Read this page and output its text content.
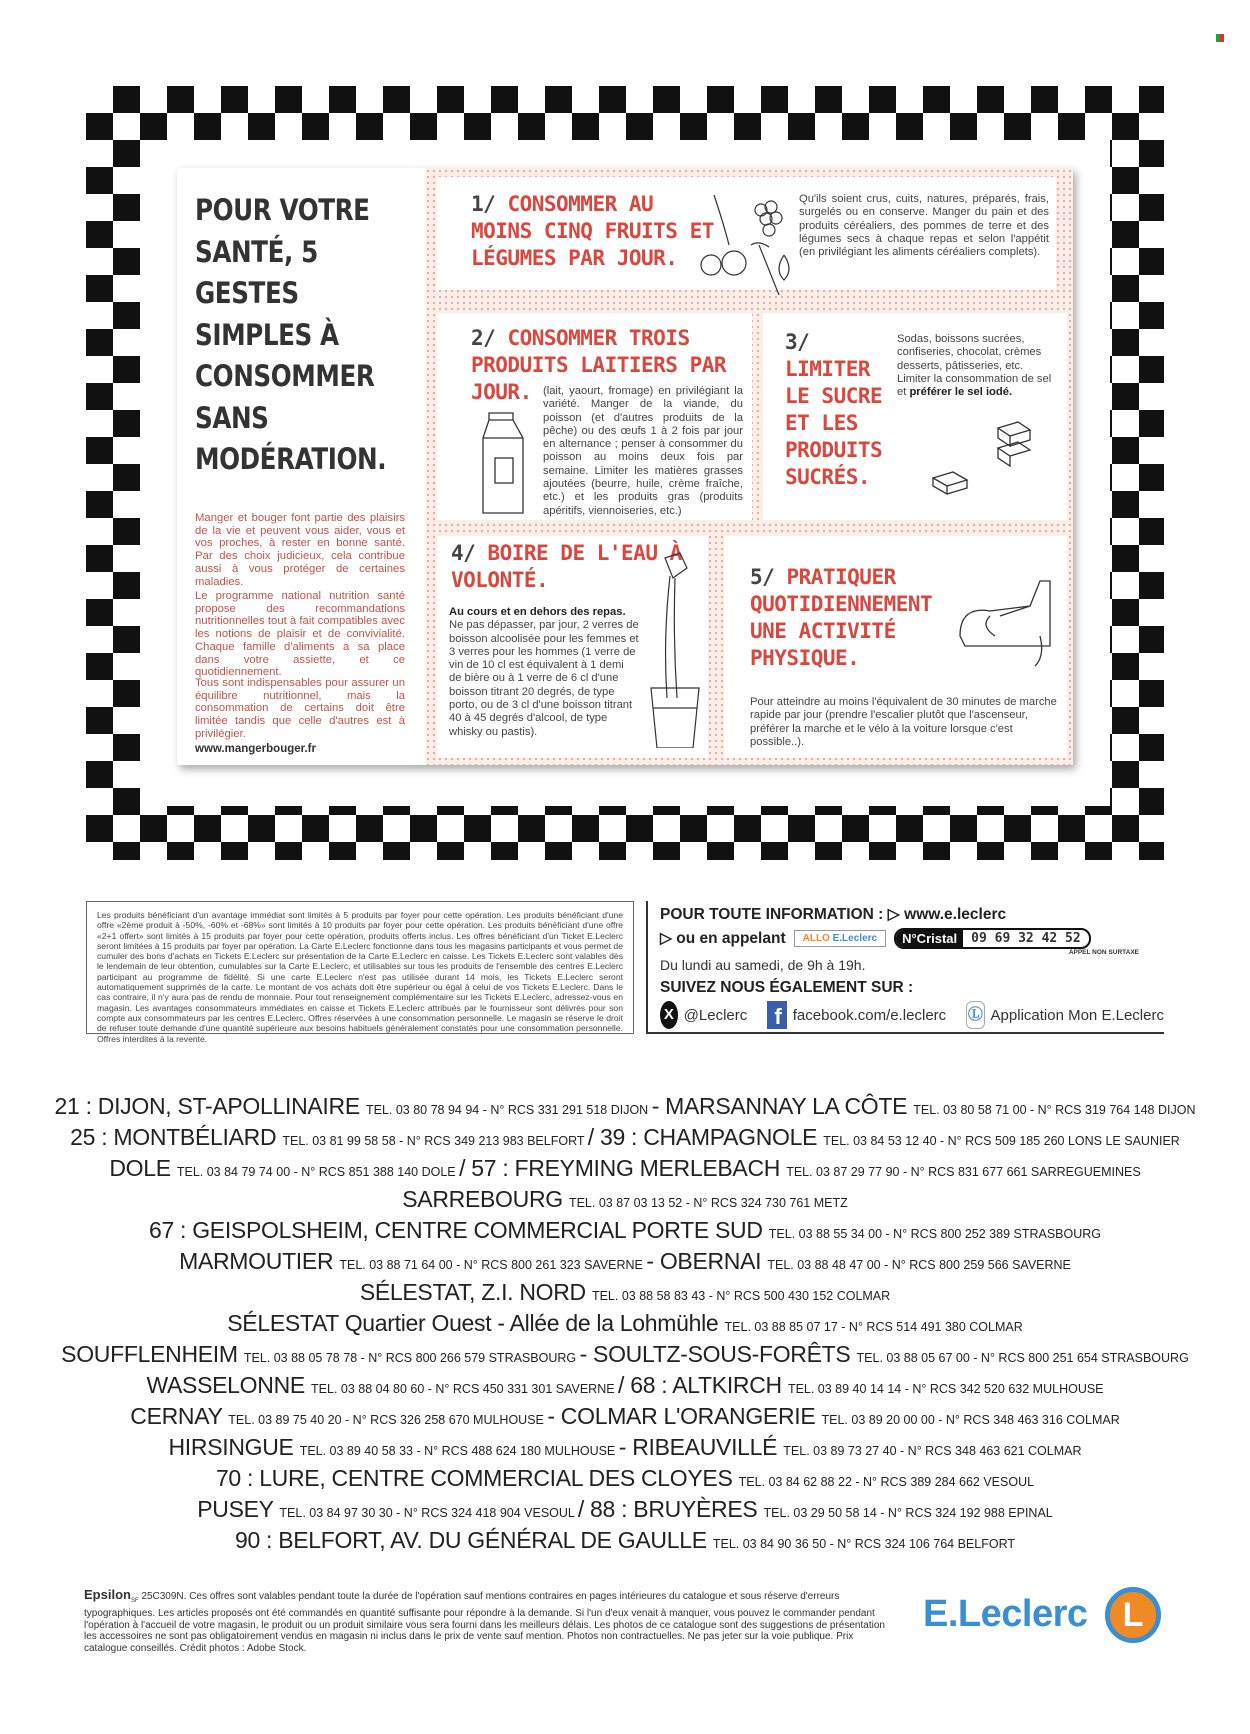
POUR VOTRE SANTÉ, 5 GESTES SIMPLES À CONSOMMER SANS MODÉRATION.
Manger et bouger font partie des plaisirs de la vie et peuvent vous aider, vous et vos proches, à rester en bonne santé. Par des choix judicieux, cela contribue aussi à vous protéger de certaines maladies.
Le programme national nutrition santé propose des recommandations nutritionnelles tout à fait compatibles avec les notions de plaisir et de convivialité. Chaque famille d'aliments a sa place dans votre assiette, et ce quotidiennement.
Tous sont indispensables pour assurer un équilibre nutritionnel, mais la consommation de certains doit être limitée tandis que celle d'autres est à privilégier.
www.mangerbouger.fr
1/ CONSOMMER AU MOINS CINQ FRUITS ET LÉGUMES PAR JOUR.
Qu'ils soient crus, cuits, natures, préparés, frais, surgelés ou en conserve. Manger du pain et des produits céréaliers, des pommes de terre et des légumes secs à chaque repas et selon l'appétit (en privilégiant les aliments céréaliers complets).
2/ CONSOMMER TROIS PRODUITS LAITIERS PAR
JOUR. (lait, yaourt, fromage) en privilégiant la variété. Manger de la viande, du poisson (et d'autres produits de la pêche) ou des œufs 1 à 2 fois par jour en alternance ; penser à consommer du poisson au moins deux fois par semaine. Limiter les matières grasses ajoutées (beurre, huile, crème fraîche, etc.) et les produits gras (produits apéritifs, viennoiseries, etc.)
3/
LIMITER LE SUCRE ET LES PRODUITS SUCRÉS.
Sodas, boissons sucrées, confiseries, chocolat, crèmes desserts, pâtisseries, etc. Limiter la consommation de sel et préférer le sel iodé.
4/ BOIRE DE L'EAU À VOLONTÉ.
Au cours et en dehors des repas.
Ne pas dépasser, par jour, 2 verres de boisson alcoolisée pour les femmes et 3 verres pour les hommes (1 verre de vin de 10 cl est équivalent à 1 demi de bière ou à 1 verre de 6 cl d'une boisson titrant 20 degrés, de type porto, ou de 3 cl d'une boisson titrant 40 à 45 degrés d'alcool, de type whisky ou pastis).
5/ PRATIQUER QUOTIDIENNEMENT UNE ACTIVITÉ PHYSIQUE.
Pour atteindre au moins l'équivalent de 30 minutes de marche rapide par jour (prendre l'escalier plutôt que l'ascenseur, préférer la marche et le vélo à la voiture lorsque c'est possible..).
Les produits bénéficiant d'un avantage immédiat sont limités à 5 produits par foyer pour cette opération. Les produits bénéficiant d'une offre «2ème produit à -50%, -60% et -68%» sont limités à 10 produits par foyer pour cette opération. Les produits bénéficiant d'une offre «2+1 offert» sont limités à 15 produits par foyer pour cette opération, produits offerts inclus. Les offres bénéficiant d'un Ticket E.Leclerc seront limitées à 15 produits par foyer par opération. La Carte E.Leclerc fonctionne dans tous les magasins participants et vous permet de cumuler des bons d'achats en Tickets E.Leclerc sur présentation de la Carte E.Leclerc en caisse. Les Tickets E.Leclerc sont valables dès le lendemain de leur obtention, cumulables sur la Carte E.Leclerc, et utilisables sur tous les produits de l'ensemble des centres E.Leclerc participant au programme de fidélité. Si une carte E.Leclerc n'est pas utilisée durant 14 mois, les Tickets E.Leclerc seront automatiquement supprimés de la carte. Le montant de vos achats doit être supérieur ou égal à celui de vos Tickets E.Leclerc. Dans le cas contraire, il n'y aura pas de rendu de monnaie. Pour tout renseignement complémentaire sur les Tickets E.Leclerc, adressez-vous en magasin. Les avantages consommateurs immédiates en caisse et Tickets E.Leclerc attribués par le fournisseur sont délivrés pour son compte aux consommateurs par les centres E.Leclerc. Offres réservées à une consommation personnelle. Le magasin se réserve le droit de refuser toute demande d'une quantité supérieure aux besoins habituels généralement constatés pour une consommation personnelle. Offres interdites à la revente.
POUR TOUTE INFORMATION : ▷ www.e.leclerc
▷ ou en appelant	ALLO E.Leclerc	N°Cristal	09 69 32 42 52
APPEL NON SURTAXE
Du lundi au samedi, de 9h à 19h.
SUIVEZ NOUS ÉGALEMENT SUR :
X @Leclerc	f facebook.com/e.leclerc Ⓛ Application Mon E.Leclerc
21 : DIJON, ST-APOLLINAIRE TEL. 03 80 78 94 94 - N° RCS 331 291 518 DIJON - MARSANNAY LA CÔTE TEL. 03 80 58 71 00 - N° RCS 319 764 148 DIJON
25 : MONTBÉLIARD TEL. 03 81 99 58 58 - N° RCS 349 213 983 BELFORT / 39 : CHAMPAGNOLE TEL. 03 84 53 12 40 - N° RCS 509 185 260 LONS LE SAUNIER
DOLE TEL. 03 84 79 74 00 - N° RCS 851 388 140 DOLE / 57 : FREYMING MERLEBACH TEL. 03 87 29 77 90 - N° RCS 831 677 661 SARREGUEMINES
SARREBOURG TEL. 03 87 03 13 52 - N° RCS 324 730 761 METZ
67 : GEISPOLSHEIM, CENTRE COMMERCIAL PORTE SUD TEL. 03 88 55 34 00 - N° RCS 800 252 389 STRASBOURG
MARMOUTIER TEL. 03 88 71 64 00 - N° RCS 800 261 323 SAVERNE - OBERNAI TEL. 03 88 48 47 00 - N° RCS 800 259 566 SAVERNE
SÉLESTAT, Z.I. NORD TEL. 03 88 58 83 43 - N° RCS 500 430 152 COLMAR
SÉLESTAT Quartier Ouest - Allée de la Lohmühle TEL. 03 88 85 07 17 - N° RCS 514 491 380 COLMAR
SOUFFLENHEIM TEL. 03 88 05 78 78 - N° RCS 800 266 579 STRASBOURG - SOULTZ-SOUS-FORÊTS TEL. 03 88 05 67 00 - N° RCS 800 251 654 STRASBOURG
WASSELONNE TEL. 03 88 04 80 60 - N° RCS 450 331 301 SAVERNE / 68 : ALTKIRCH TEL. 03 89 40 14 14 - N° RCS 342 520 632 MULHOUSE
CERNAY TEL. 03 89 75 40 20 - N° RCS 326 258 670 MULHOUSE - COLMAR L'ORANGERIE TEL. 03 89 20 00 00 - N° RCS 348 463 316 COLMAR
HIRSINGUE TEL. 03 89 40 58 33 - N° RCS 488 624 180 MULHOUSE - RIBEAUVILLÉ TEL. 03 89 73 27 40 - N° RCS 348 463 621 COLMAR
70 : LURE, CENTRE COMMERCIAL DES CLOYES TEL. 03 84 62 88 22 - N° RCS 389 284 662 VESOUL
PUSEY TEL. 03 84 97 30 30 - N° RCS 324 418 904 VESOUL / 88 : BRUYÈRES TEL. 03 29 50 58 14 - N° RCS 324 192 988 EPINAL
90 : BELFORT, AV. DU GÉNÉRAL DE GAULLE TEL. 03 84 90 36 50 - N° RCS 324 106 764 BELFORT
Epsilon$_{SF}$ 25C309N. Ces offres sont valables pendant toute la durée de l'opération sauf mentions contraires en pages intérieures du catalogue et sous réserve d'erreurs typographiques. Les articles proposés ont été commandés en quantité suffisante pour répondre à la demande. Si l'un d'eux venait à manquer, vous pouvez le commander pendant l'opération à l'accueil de votre magasin, le produit ou un produit similaire vous sera fourni dans les meilleurs délais. Les photos de ce catalogue sont des suggestions de présentation les accessoires ne sont pas obligatoirement vendus en magasin ni inclus dans le prix de vente sauf mention. Photos non contractuelles. Ne pas jeter sur la voie publique. Prix catalogue conseillés. Crédit photos : Adobe Stock.
E.Leclerc	L
